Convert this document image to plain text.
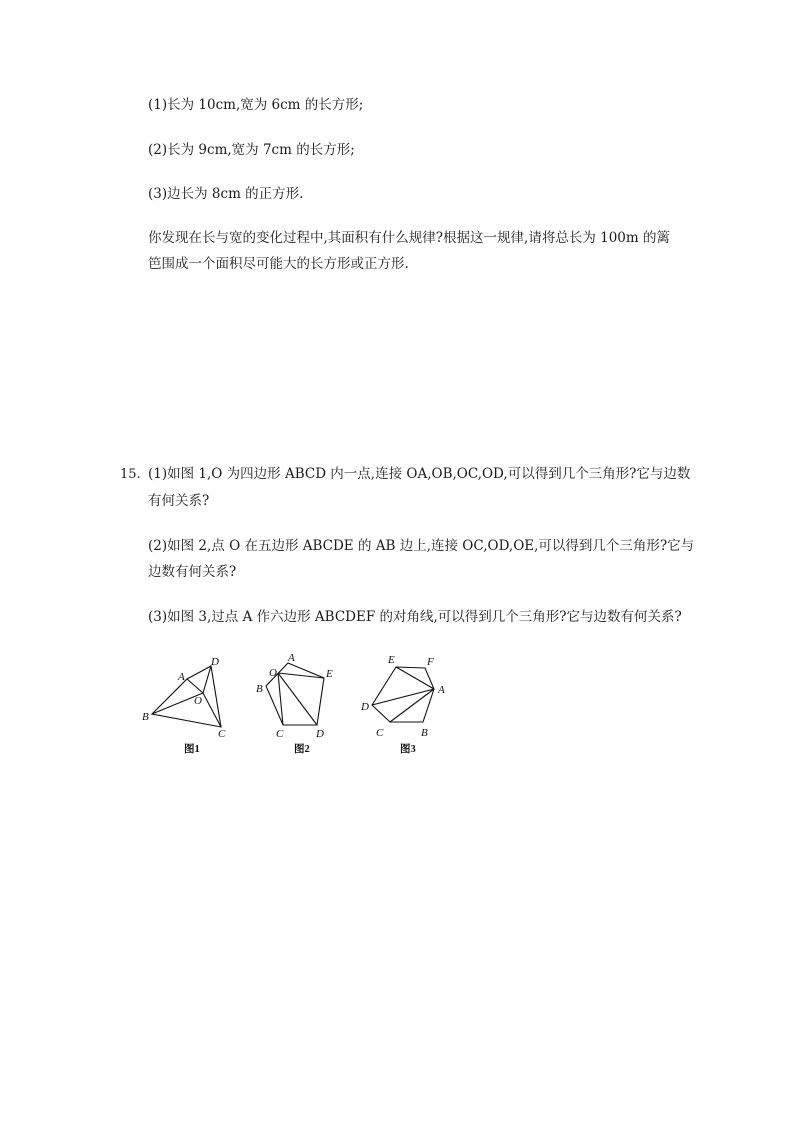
(1)长为 10cm,宽为 6cm 的长方形;
(2)长为 9cm,宽为 7cm 的长方形;
(3)边长为 8cm 的正方形.
你发现在长与宽的变化过程中,其面积有什么规律?根据这一规律,请将总长为 100m 的篱
笆围成一个面积尽可能大的长方形或正方形.
15. (1)如图 1,O 为四边形 ABCD 内一点,连接 OA,OB,OC,OD,可以得到几个三角形?它与边数
有何关系?
(2)如图 2,点 O 在五边形 ABCDE 的 AB 边上,连接 OC,OD,OE,可以得到几个三角形?它与
边数有何关系?
(3)如图 3,过点 A 作六边形 ABCDEF 的对角线,可以得到几个三角形?它与边数有何关系?
A
B
C
D
O
图1
A
B
C	D
E
O
图2
A
B
C
D
E	F
图3
